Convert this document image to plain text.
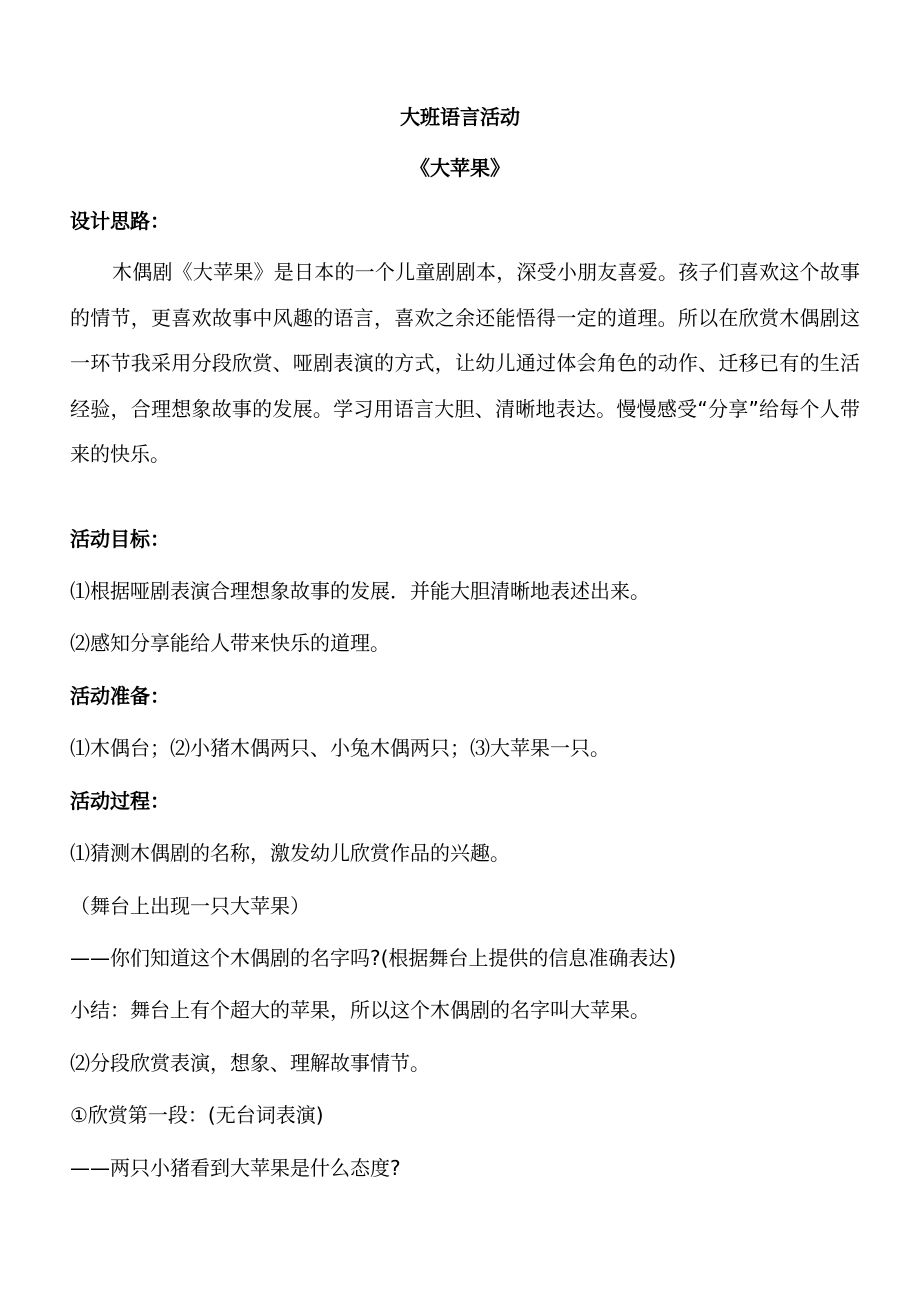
大班语言活动
《大苹果》
设计思路：
木偶剧《大苹果》是日本的一个儿童剧剧本，深受小朋友喜爱。孩子们喜欢这个故事的情节，更喜欢故事中风趣的语言，喜欢之余还能悟得一定的道理。所以在欣赏木偶剧这一环节我采用分段欣赏、哑剧表演的方式，让幼儿通过体会角色的动作、迁移已有的生活经验，合理想象故事的发展。学习用语言大胆、清晰地表达。慢慢感受“分享”给每个人带来的快乐。
活动目标：
⑴根据哑剧表演合理想象故事的发展．并能大胆清晰地表述出来。
⑵感知分享能给人带来快乐的道理。
活动准备：
⑴木偶台；⑵小猪木偶两只、小兔木偶两只；⑶大苹果一只。
活动过程：
⑴猜测木偶剧的名称，激发幼儿欣赏作品的兴趣。
（舞台上出现一只大苹果）
——你们知道这个木偶剧的名字吗?(根据舞台上提供的信息准确表达)
小结：舞台上有个超大的苹果，所以这个木偶剧的名字叫大苹果。
⑵分段欣赏表演，想象、理解故事情节。
①欣赏第一段：(无台词表演)
——两只小猪看到大苹果是什么态度?
